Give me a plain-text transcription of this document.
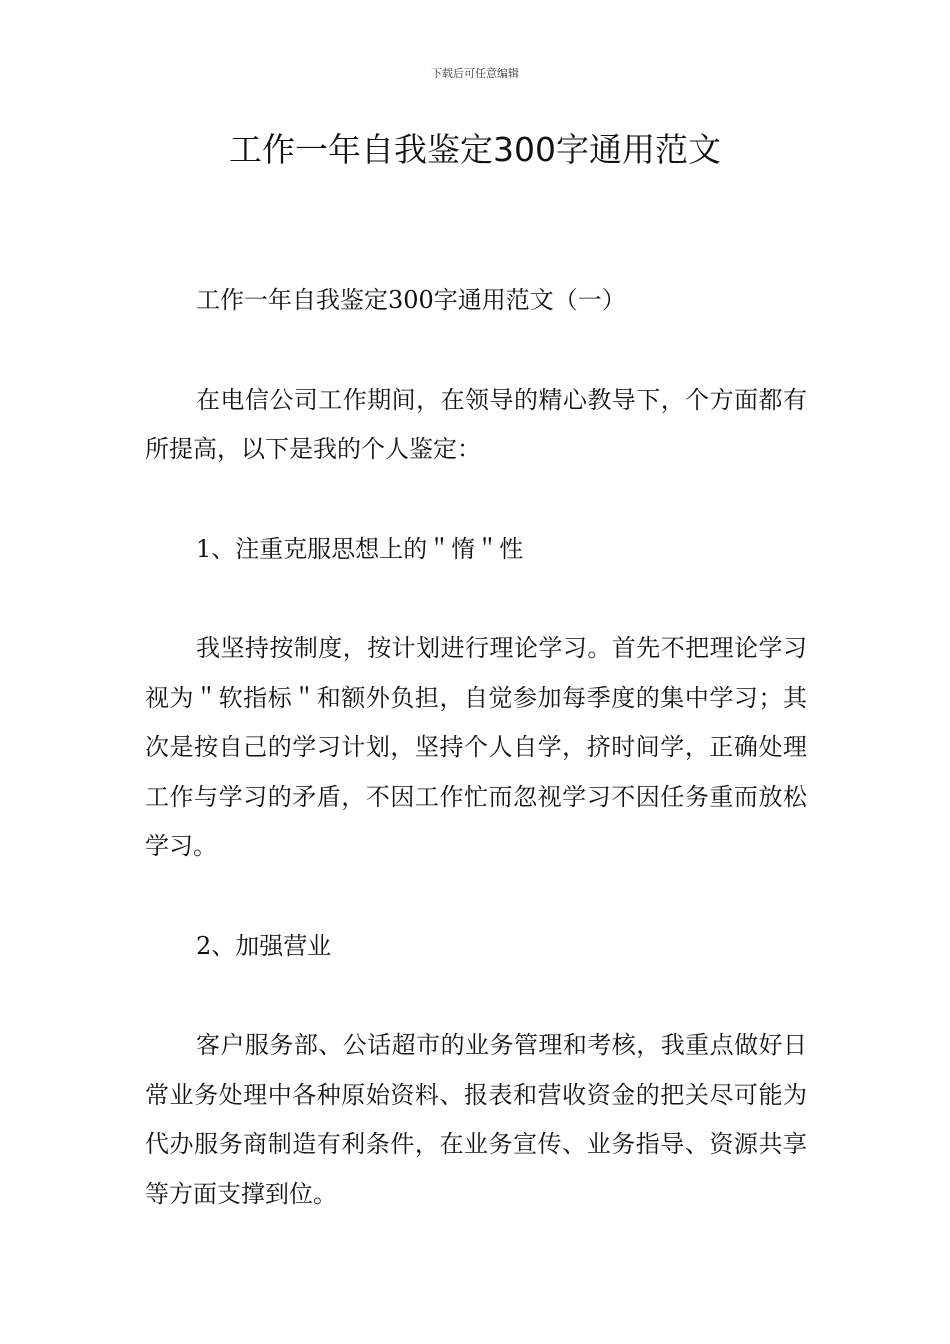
下载后可任意编辑
工作一年自我鉴定300字通用范文

工作一年自我鉴定300字通用范文（一）

在电信公司工作期间，在领导的精心教导下，个方面都有所提高，以下是我的个人鉴定：

1、注重克服思想上的＂惰＂性

我坚持按制度，按计划进行理论学习。首先不把理论学习视为＂软指标＂和额外负担，自觉参加每季度的集中学习；其次是按自己的学习计划，坚持个人自学，挤时间学，正确处理工作与学习的矛盾，不因工作忙而忽视学习不因任务重而放松学习。

2、加强营业

客户服务部、公话超市的业务管理和考核，我重点做好日常业务处理中各种原始资料、报表和营收资金的把关尽可能为代办服务商制造有利条件，在业务宣传、业务指导、资源共享等方面支撑到位。
